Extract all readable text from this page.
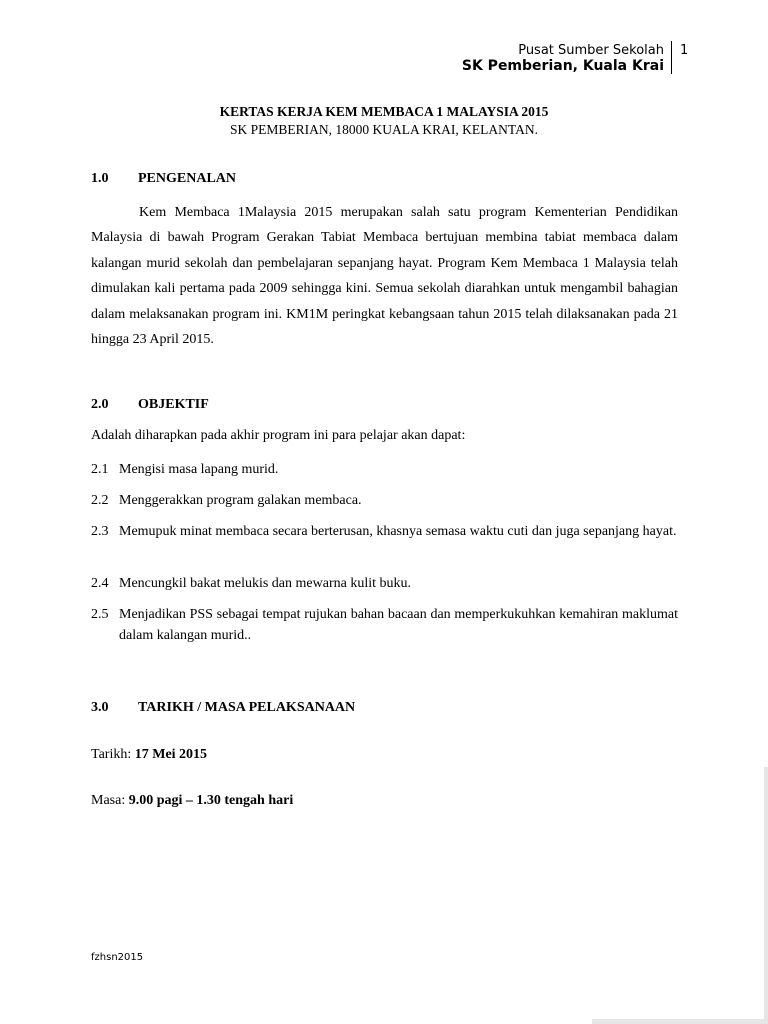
Pusat Sumber Sekolah
SK Pemberian, Kuala Krai
1
KERTAS KERJA KEM MEMBACA 1 MALAYSIA 2015
SK PEMBERIAN, 18000 KUALA KRAI, KELANTAN.
1.0 PENGENALAN
Kem Membaca 1Malaysia 2015 merupakan salah satu program Kementerian Pendidikan Malaysia di bawah Program Gerakan Tabiat Membaca bertujuan membina tabiat membaca dalam kalangan murid sekolah dan pembelajaran sepanjang hayat. Program Kem Membaca 1 Malaysia telah dimulakan kali pertama pada 2009 sehingga kini. Semua sekolah diarahkan untuk mengambil bahagian dalam melaksanakan program ini. KM1M peringkat kebangsaan tahun 2015 telah dilaksanakan pada 21 hingga 23 April 2015.
2.0 OBJEKTIF
Adalah diharapkan pada akhir program ini para pelajar akan dapat:
2.1 Mengisi masa lapang murid.
2.2 Menggerakkan program galakan membaca.
2.3 Memupuk minat membaca secara berterusan, khasnya semasa waktu cuti dan juga sepanjang hayat.
2.4 Mencungkil bakat melukis dan mewarna kulit buku.
2.5 Menjadikan PSS sebagai tempat rujukan bahan bacaan dan memperkukuhkan kemahiran maklumat dalam kalangan murid..
3.0 TARIKH / MASA PELAKSANAAN
Tarikh: 17 Mei 2015
Masa: 9.00 pagi – 1.30 tengah hari
fzhsn2015
